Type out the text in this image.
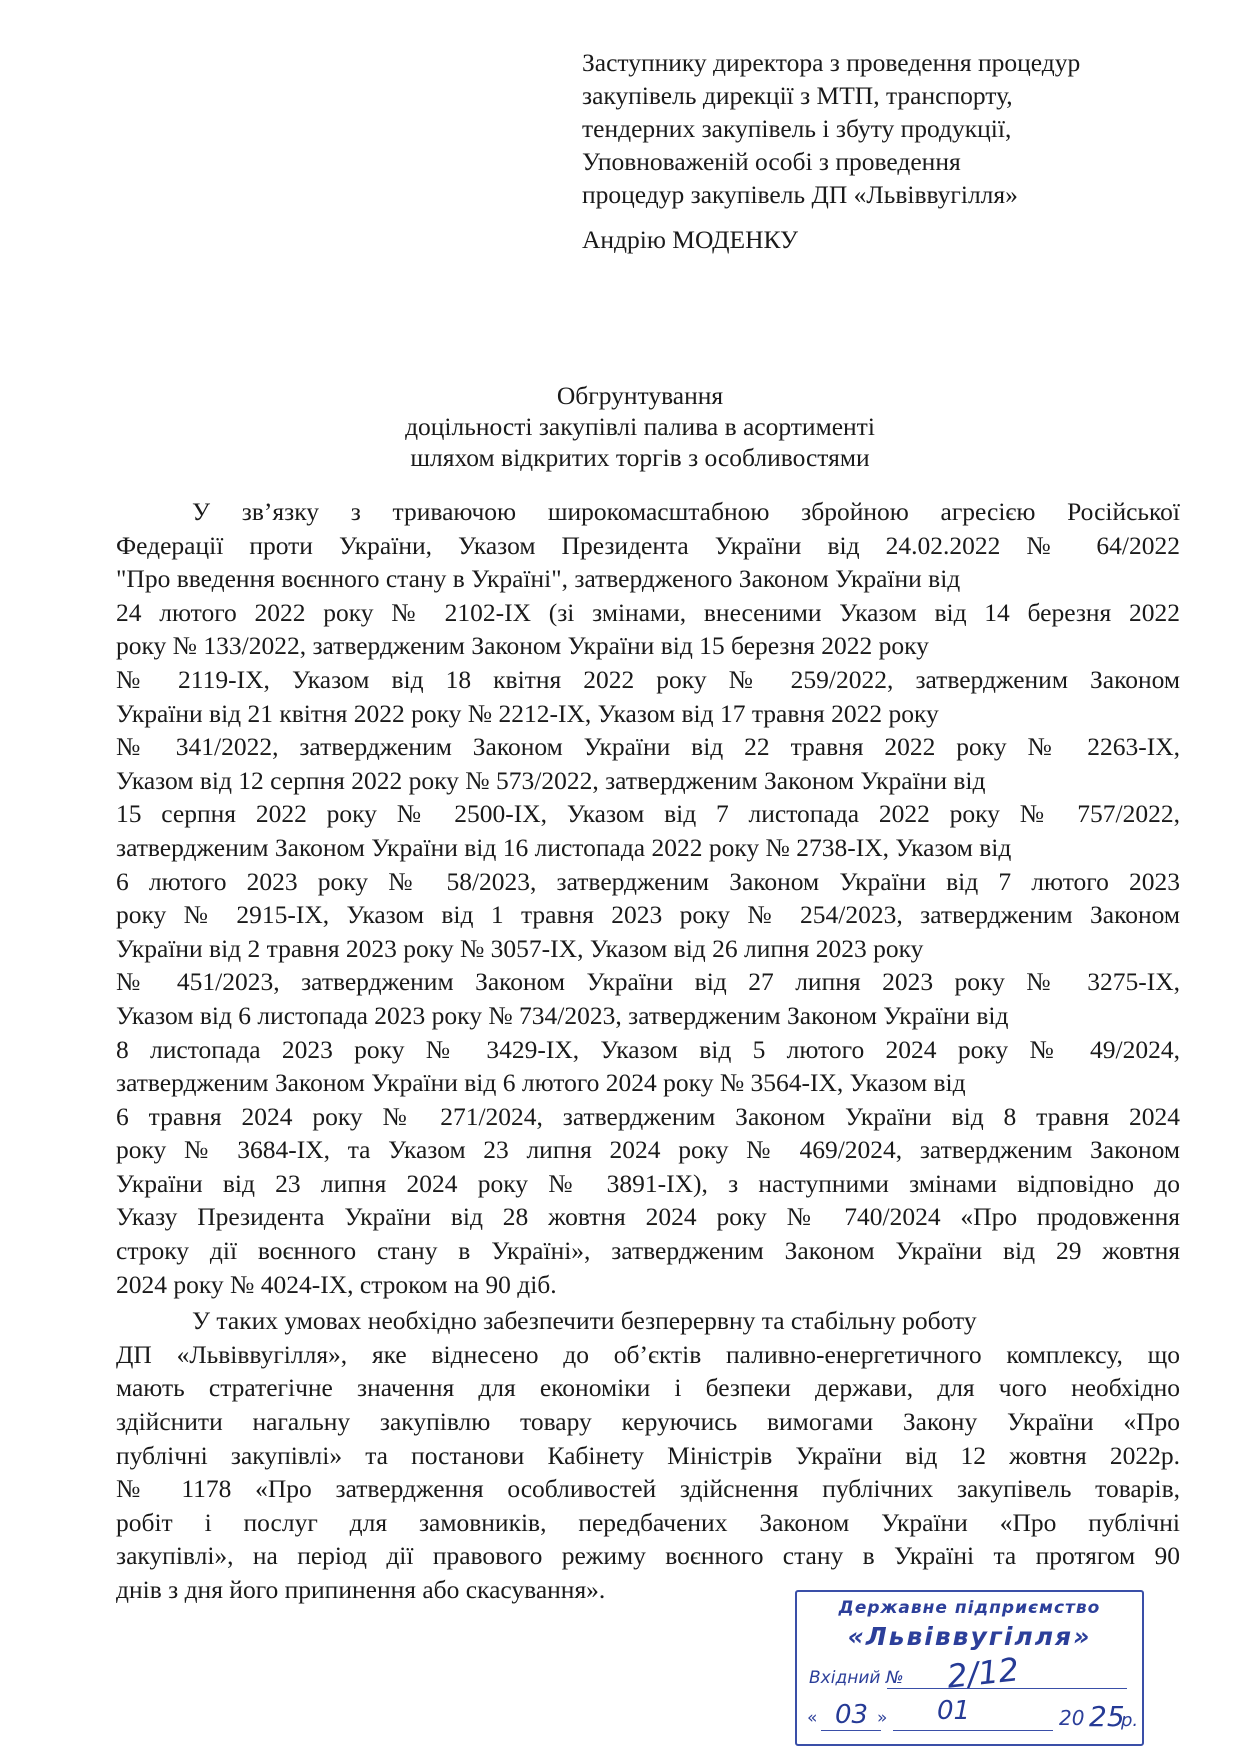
Заступнику директора з проведення процедур
закупівель дирекції з МТП, транспорту,
тендерних закупівель і збуту продукції,
Уповноваженій особі з проведення
процедур закупівель ДП «Львіввугілля»
Андрію МОДЕНКУ
Обгрунтування
доцільності закупівлі палива в асортименті
шляхом відкритих торгів з особливостями
У зв’язку з триваючою широкомасштабною збройною агресією Російської
Федерації проти України, Указом Президента України від 24.02.2022 № 64/2022
"Про введення воєнного стану в Україні", затвердженого Законом України від
24 лютого 2022 року № 2102-IX (зі змінами, внесеними Указом від 14 березня 2022
року № 133/2022, затвердженим Законом України від 15 березня 2022 року
№ 2119-IX, Указом від 18 квітня 2022 року № 259/2022, затвердженим Законом
України від 21 квітня 2022 року № 2212-IX, Указом від 17 травня 2022 року
№ 341/2022, затвердженим Законом України від 22 травня 2022 року № 2263-IX,
Указом від 12 серпня 2022 року № 573/2022, затвердженим Законом України від
15 серпня 2022 року № 2500-IX, Указом від 7 листопада 2022 року № 757/2022,
затвердженим Законом України від 16 листопада 2022 року № 2738-IX, Указом від
6 лютого 2023 року № 58/2023, затвердженим Законом України від 7 лютого 2023
року № 2915-IX, Указом від 1 травня 2023 року № 254/2023, затвердженим Законом
України від 2 травня 2023 року № 3057-IX, Указом від 26 липня 2023 року
№ 451/2023, затвердженим Законом України від 27 липня 2023 року № 3275-IX,
Указом від 6 листопада 2023 року № 734/2023, затвердженим Законом України від
8 листопада 2023 року № 3429-IX, Указом від 5 лютого 2024 року № 49/2024,
затвердженим Законом України від 6 лютого 2024 року № 3564-IX, Указом від
6 травня 2024 року № 271/2024, затвердженим Законом України від 8 травня 2024
року № 3684-IX, та Указом 23 липня 2024 року № 469/2024, затвердженим Законом
України від 23 липня 2024 року № 3891-IX), з наступними змінами відповідно до
Указу Президента України від 28 жовтня 2024 року № 740/2024 «Про продовження
строку дії воєнного стану в Україні», затвердженим Законом України від 29 жовтня
2024 року № 4024-IX, строком на 90 діб.
У таких умовах необхідно забезпечити безперервну та стабільну роботу
ДП «Львіввугілля», яке віднесено до об’єктів паливно-енергетичного комплексу, що
мають стратегічне значення для економіки і безпеки держави, для чого необхідно
здійснити нагальну закупівлю товару керуючись вимогами Закону України «Про
публічні закупівлі» та постанови Кабінету Міністрів України від 12 жовтня 2022р.
№ 1178 «Про затвердження особливостей здійснення публічних закупівель товарів,
робіт і послуг для замовників, передбачених Законом України «Про публічні
закупівлі», на період дії правового режиму воєнного стану в Україні та протягом 90
днів з дня його припинення або скасування».
Державне підприємство
«Львіввугілля»
Вхідний № 2/12
« 03 » 01	20 25
р.
